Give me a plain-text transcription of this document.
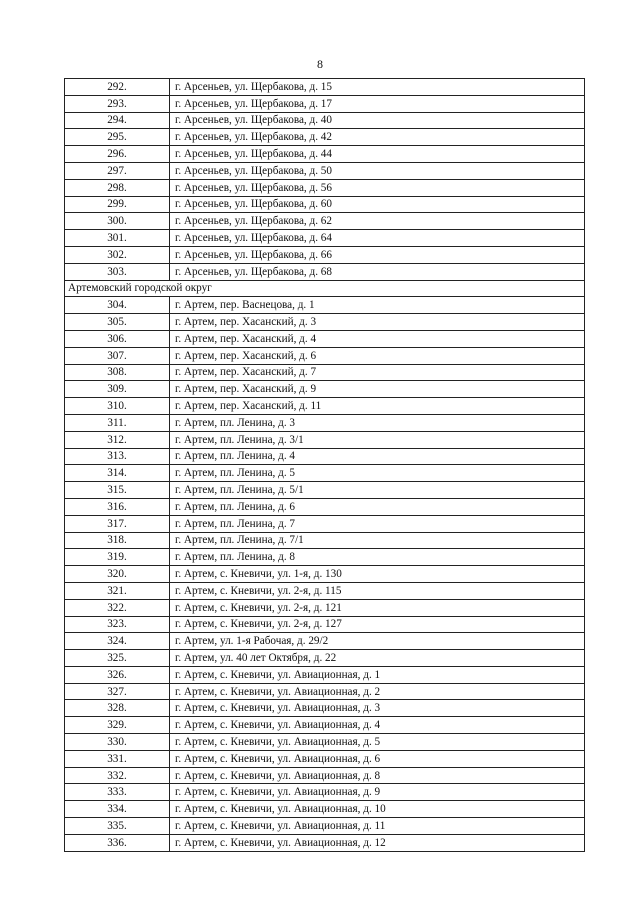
8
292.	г. Арсеньев, ул. Щербакова, д. 15
293.	г. Арсеньев, ул. Щербакова, д. 17
294.	г. Арсеньев, ул. Щербакова, д. 40
295.	г. Арсеньев, ул. Щербакова, д. 42
296.	г. Арсеньев, ул. Щербакова, д. 44
297.	г. Арсеньев, ул. Щербакова, д. 50
298.	г. Арсеньев, ул. Щербакова, д. 56
299.	г. Арсеньев, ул. Щербакова, д. 60
300.	г. Арсеньев, ул. Щербакова, д. 62
301.	г. Арсеньев, ул. Щербакова, д. 64
302.	г. Арсеньев, ул. Щербакова, д. 66
303.	г. Арсеньев, ул. Щербакова, д. 68
Артемовский городской округ	
304.	г. Артем, пер. Васнецова, д. 1
305.	г. Артем, пер. Хасанский, д. 3
306.	г. Артем, пер. Хасанский, д. 4
307.	г. Артем, пер. Хасанский, д. 6
308.	г. Артем, пер. Хасанский, д. 7
309.	г. Артем, пер. Хасанский, д. 9
310.	г. Артем, пер. Хасанский, д. 11
311.	г. Артем, пл. Ленина, д. 3
312.	г. Артем, пл. Ленина, д. 3/1
313.	г. Артем, пл. Ленина, д. 4
314.	г. Артем, пл. Ленина, д. 5
315.	г. Артем, пл. Ленина, д. 5/1
316.	г. Артем, пл. Ленина, д. 6
317.	г. Артем, пл. Ленина, д. 7
318.	г. Артем, пл. Ленина, д. 7/1
319.	г. Артем, пл. Ленина, д. 8
320.	г. Артем, с. Кневичи, ул. 1-я, д. 130
321.	г. Артем, с. Кневичи, ул. 2-я, д. 115
322.	г. Артем, с. Кневичи, ул. 2-я, д. 121
323.	г. Артем, с. Кневичи, ул. 2-я, д. 127
324.	г. Артем, ул. 1-я Рабочая, д. 29/2
325.	г. Артем, ул. 40 лет Октября, д. 22
326.	г. Артем, с. Кневичи, ул. Авиационная, д. 1
327.	г. Артем, с. Кневичи, ул. Авиационная, д. 2
328.	г. Артем, с. Кневичи, ул. Авиационная, д. 3
329.	г. Артем, с. Кневичи, ул. Авиационная, д. 4
330.	г. Артем, с. Кневичи, ул. Авиационная, д. 5
331.	г. Артем, с. Кневичи, ул. Авиационная, д. 6
332.	г. Артем, с. Кневичи, ул. Авиационная, д. 8
333.	г. Артем, с. Кневичи, ул. Авиационная, д. 9
334.	г. Артем, с. Кневичи, ул. Авиационная, д. 10
335.	г. Артем, с. Кневичи, ул. Авиационная, д. 11
336.	г. Артем, с. Кневичи, ул. Авиационная, д. 12
